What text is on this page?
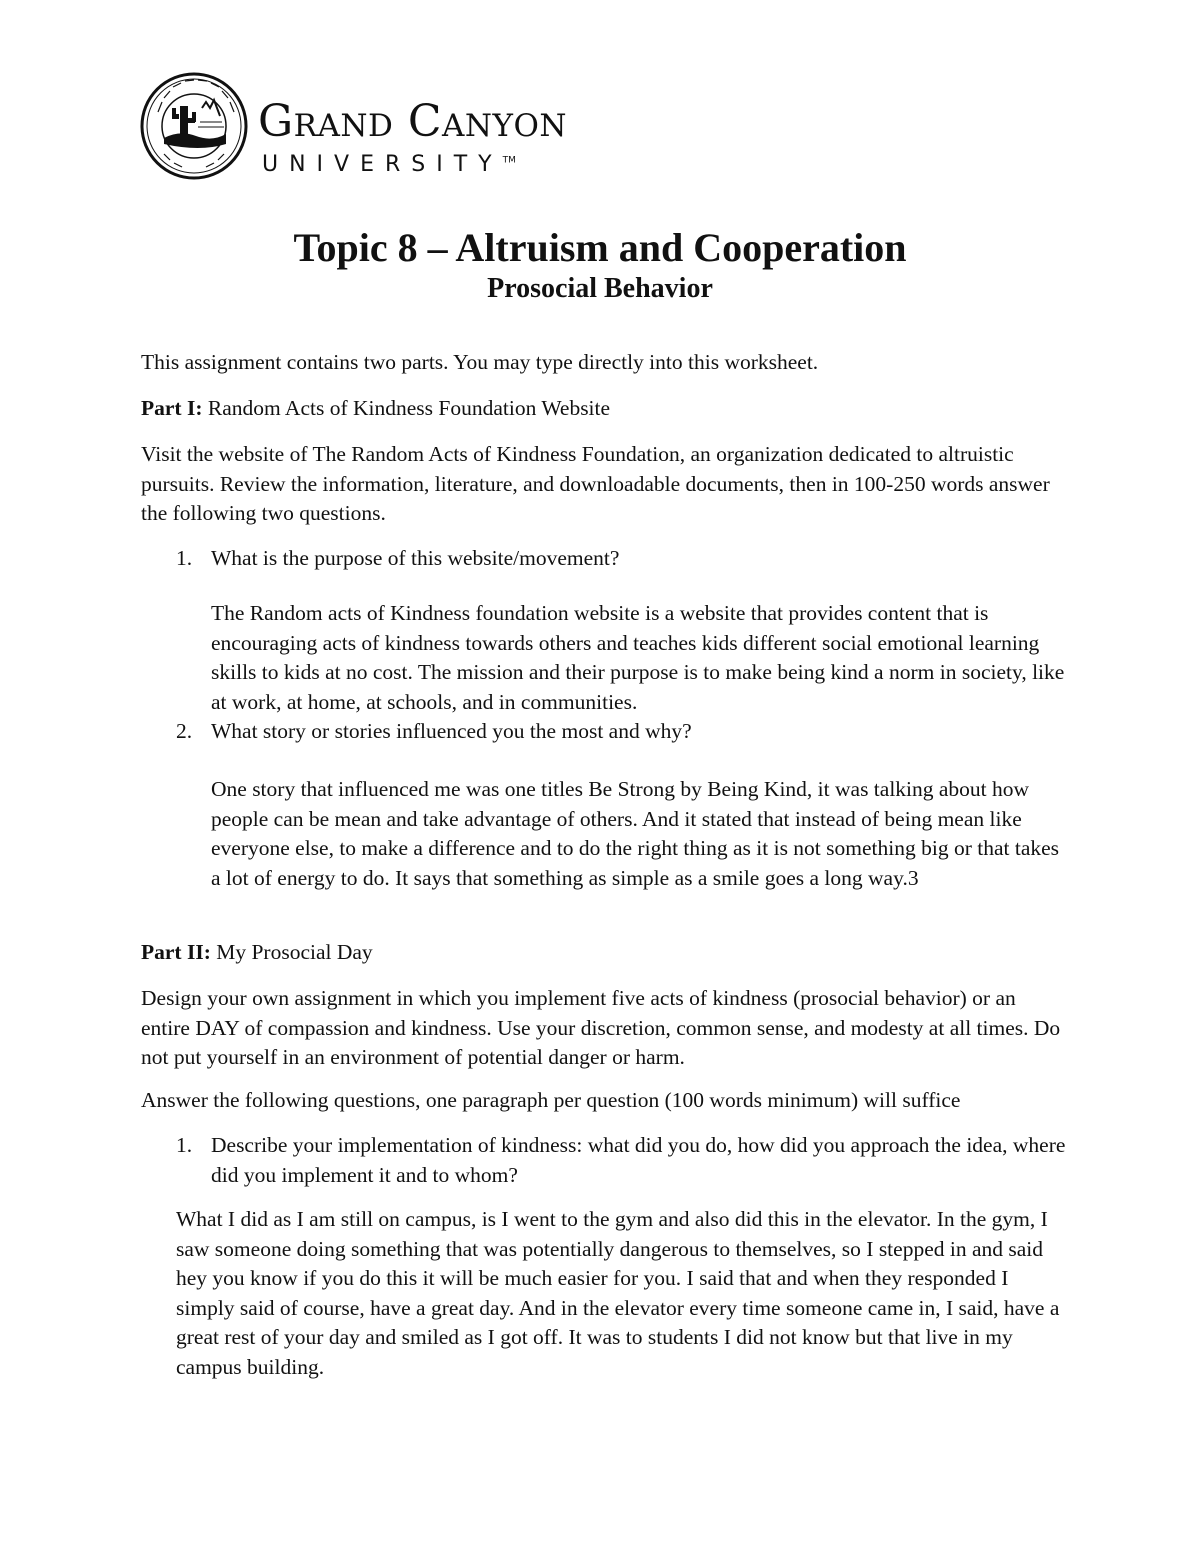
Grand Canyon
UNIVERSITY™
Topic 8 – Altruism and Cooperation
Prosocial Behavior

This assignment contains two parts. You may type directly into this worksheet.

Part I: Random Acts of Kindness Foundation Website

Visit the website of The Random Acts of Kindness Foundation, an organization dedicated to altruistic pursuits. Review the information, literature, and downloadable documents, then in 100-250 words answer the following two questions.

1. What is the purpose of this website/movement?

The Random acts of Kindness foundation website is a website that provides content that is encouraging acts of kindness towards others and teaches kids different social emotional learning skills to kids at no cost. The mission and their purpose is to make being kind a norm in society, like at work, at home, at schools, and in communities.

2. What story or stories influenced you the most and why?

One story that influenced me was one titles Be Strong by Being Kind, it was talking about how people can be mean and take advantage of others. And it stated that instead of being mean like everyone else, to make a difference and to do the right thing as it is not something big or that takes a lot of energy to do. It says that something as simple as a smile goes a long way.3

Part II: My Prosocial Day

Design your own assignment in which you implement five acts of kindness (prosocial behavior) or an entire DAY of compassion and kindness. Use your discretion, common sense, and modesty at all times. Do not put yourself in an environment of potential danger or harm.

Answer the following questions, one paragraph per question (100 words minimum) will suffice

1. Describe your implementation of kindness: what did you do, how did you approach the idea, where did you implement it and to whom?

What I did as I am still on campus, is I went to the gym and also did this in the elevator. In the gym, I saw someone doing something that was potentially dangerous to themselves, so I stepped in and said hey you know if you do this it will be much easier for you. I said that and when they responded I simply said of course, have a great day. And in the elevator every time someone came in, I said, have a great rest of your day and smiled as I got off. It was to students I did not know but that live in my campus building.
